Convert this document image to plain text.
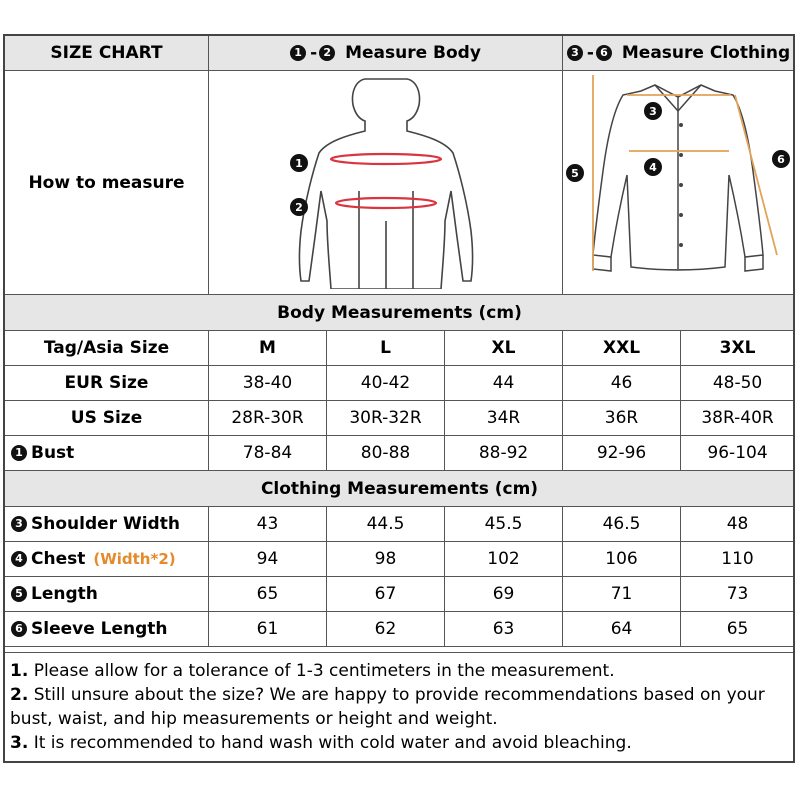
SIZE CHART	1 - 2 Measure Body			3 - 6 Measure Clothing	
How to measure	1
2			3
4
5
6	

Body Measurements (cm)					
Tag/Asia Size	M	L	XL	XXL	3XL
EUR Size	38-40	40-42	44	46	48-50
US Size	28R-30R	30R-32R	34R	36R	38R-40R
1 Bust	78-84	80-88	88-92	92-96	96-104
Clothing Measurements (cm)					
3 Shoulder Width	43	44.5	45.5	46.5	48
4 Chest (Width*2)	94	98	102	106	110
5 Length	65	67	69	71	73
6 Sleeve Length	61	62	63	64	65
1. Please allow for a tolerance of 1-3 centimeters in the measurement.
2. Still unsure about the size? We are happy to provide recommendations based on your bust, waist, and hip measurements or height and weight.
3. It is recommended to hand wash with cold water and avoid bleaching.
